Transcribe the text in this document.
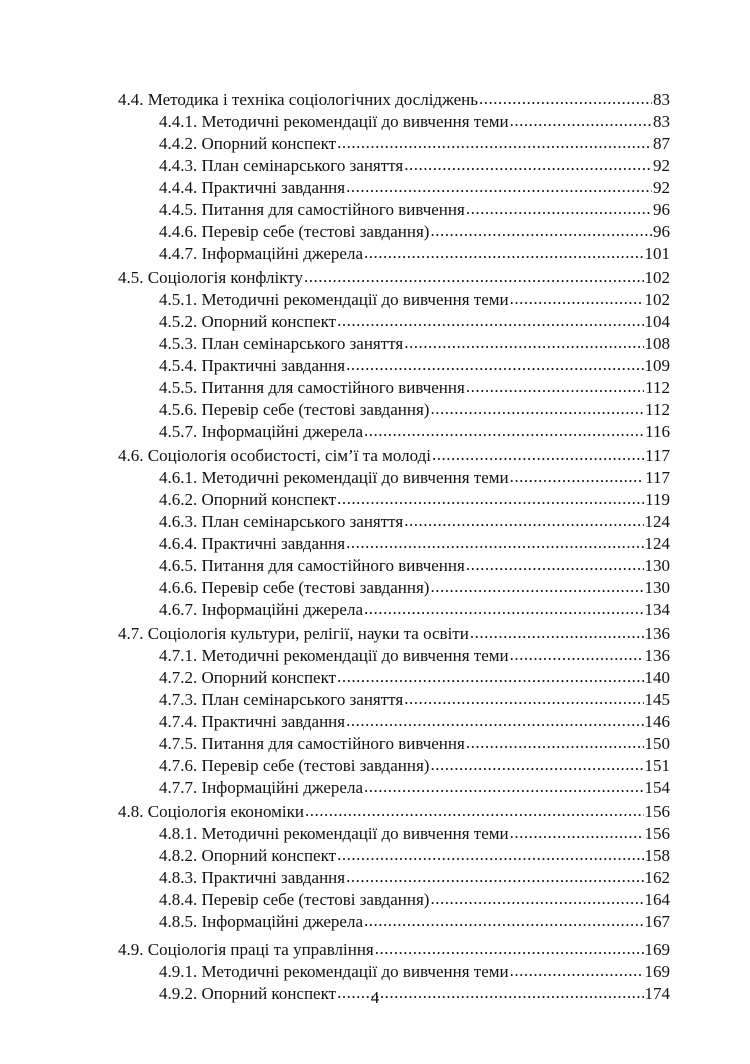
4.4. Методика і техніка соціологічних досліджень .....	83
4.4.1. Методичні рекомендації до вивчення теми .....	83
4.4.2. Опорний конспект .....	87
4.4.3. План семінарського заняття .....	92
4.4.4. Практичні завдання .....	92
4.4.5. Питання для самостійного вивчення .....	96
4.4.6. Перевір себе (тестові завдання) .....	96
4.4.7. Інформаційні джерела .....	101
4.5. Соціологія конфлікту .....	102
4.5.1. Методичні рекомендації до вивчення теми .....	102
4.5.2. Опорний конспект .....	104
4.5.3. План семінарського заняття .....	108
4.5.4. Практичні завдання .....	109
4.5.5. Питання для самостійного вивчення .....	112
4.5.6. Перевір себе (тестові завдання) .....	112
4.5.7. Інформаційні джерела .....	116
4.6. Соціологія особистості, сім’ї та молоді .....	117
4.6.1. Методичні рекомендації до вивчення теми .....	117
4.6.2. Опорний конспект .....	119
4.6.3. План семінарського заняття .....	124
4.6.4. Практичні завдання .....	124
4.6.5. Питання для самостійного вивчення .....	130
4.6.6. Перевір себе (тестові завдання) .....	130
4.6.7. Інформаційні джерела .....	134
4.7. Соціологія культури, релігії, науки та освіти .....	136
4.7.1. Методичні рекомендації до вивчення теми .....	136
4.7.2. Опорний конспект .....	140
4.7.3. План семінарського заняття .....	145
4.7.4. Практичні завдання .....	146
4.7.5. Питання для самостійного вивчення .....	150
4.7.6. Перевір себе (тестові завдання) .....	151
4.7.7. Інформаційні джерела .....	154
4.8. Соціологія економіки .....	156
4.8.1. Методичні рекомендації до вивчення теми .....	156
4.8.2. Опорний конспект .....	158
4.8.3. Практичні завдання .....	162
4.8.4. Перевір себе (тестові завдання) .....	164
4.8.5. Інформаційні джерела .....	167
4.9. Соціологія праці та управління .....	169
4.9.1. Методичні рекомендації до вивчення теми .....	169
4.9.2. Опорний конспект .....	174
4
